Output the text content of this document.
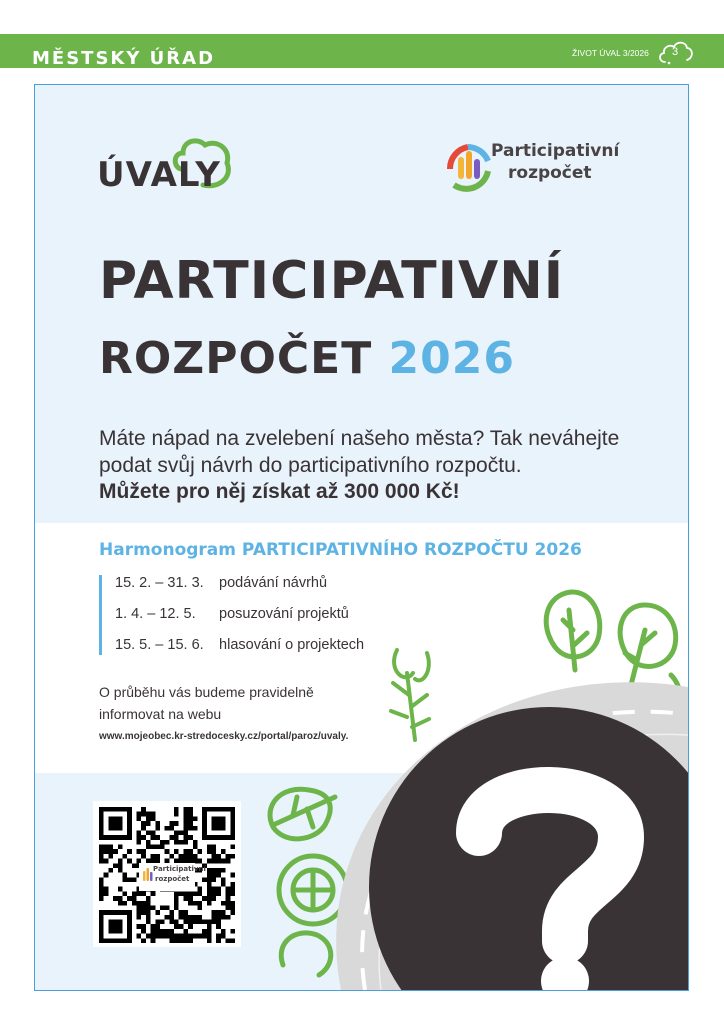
MĚSTSKÝ ÚŘAD	ŽIVOT ÚVAL 3/2026	3
ÚVALY
Participativní
rozpočet
PARTICIPATIVNÍ
ROZPOČET 2026
Máte nápad na zvelebení našeho města? Tak neváhejte podat svůj návrh do participativního rozpočtu.
Můžete pro něj získat až 300 000 Kč!
Harmonogram PARTICIPATIVNÍHO ROZPOČTU 2026
15. 2. – 31. 3. podávání návrhů
1. 4. – 12. 5. posuzování projektů
15. 5. – 15. 6. hlasování o projektech
O průběhu vás budeme pravidelně
informovat na webu
www.mojeobec.kr-stredocesky.cz/portal/paroz/uvaly.
Participativní
rozpočet
